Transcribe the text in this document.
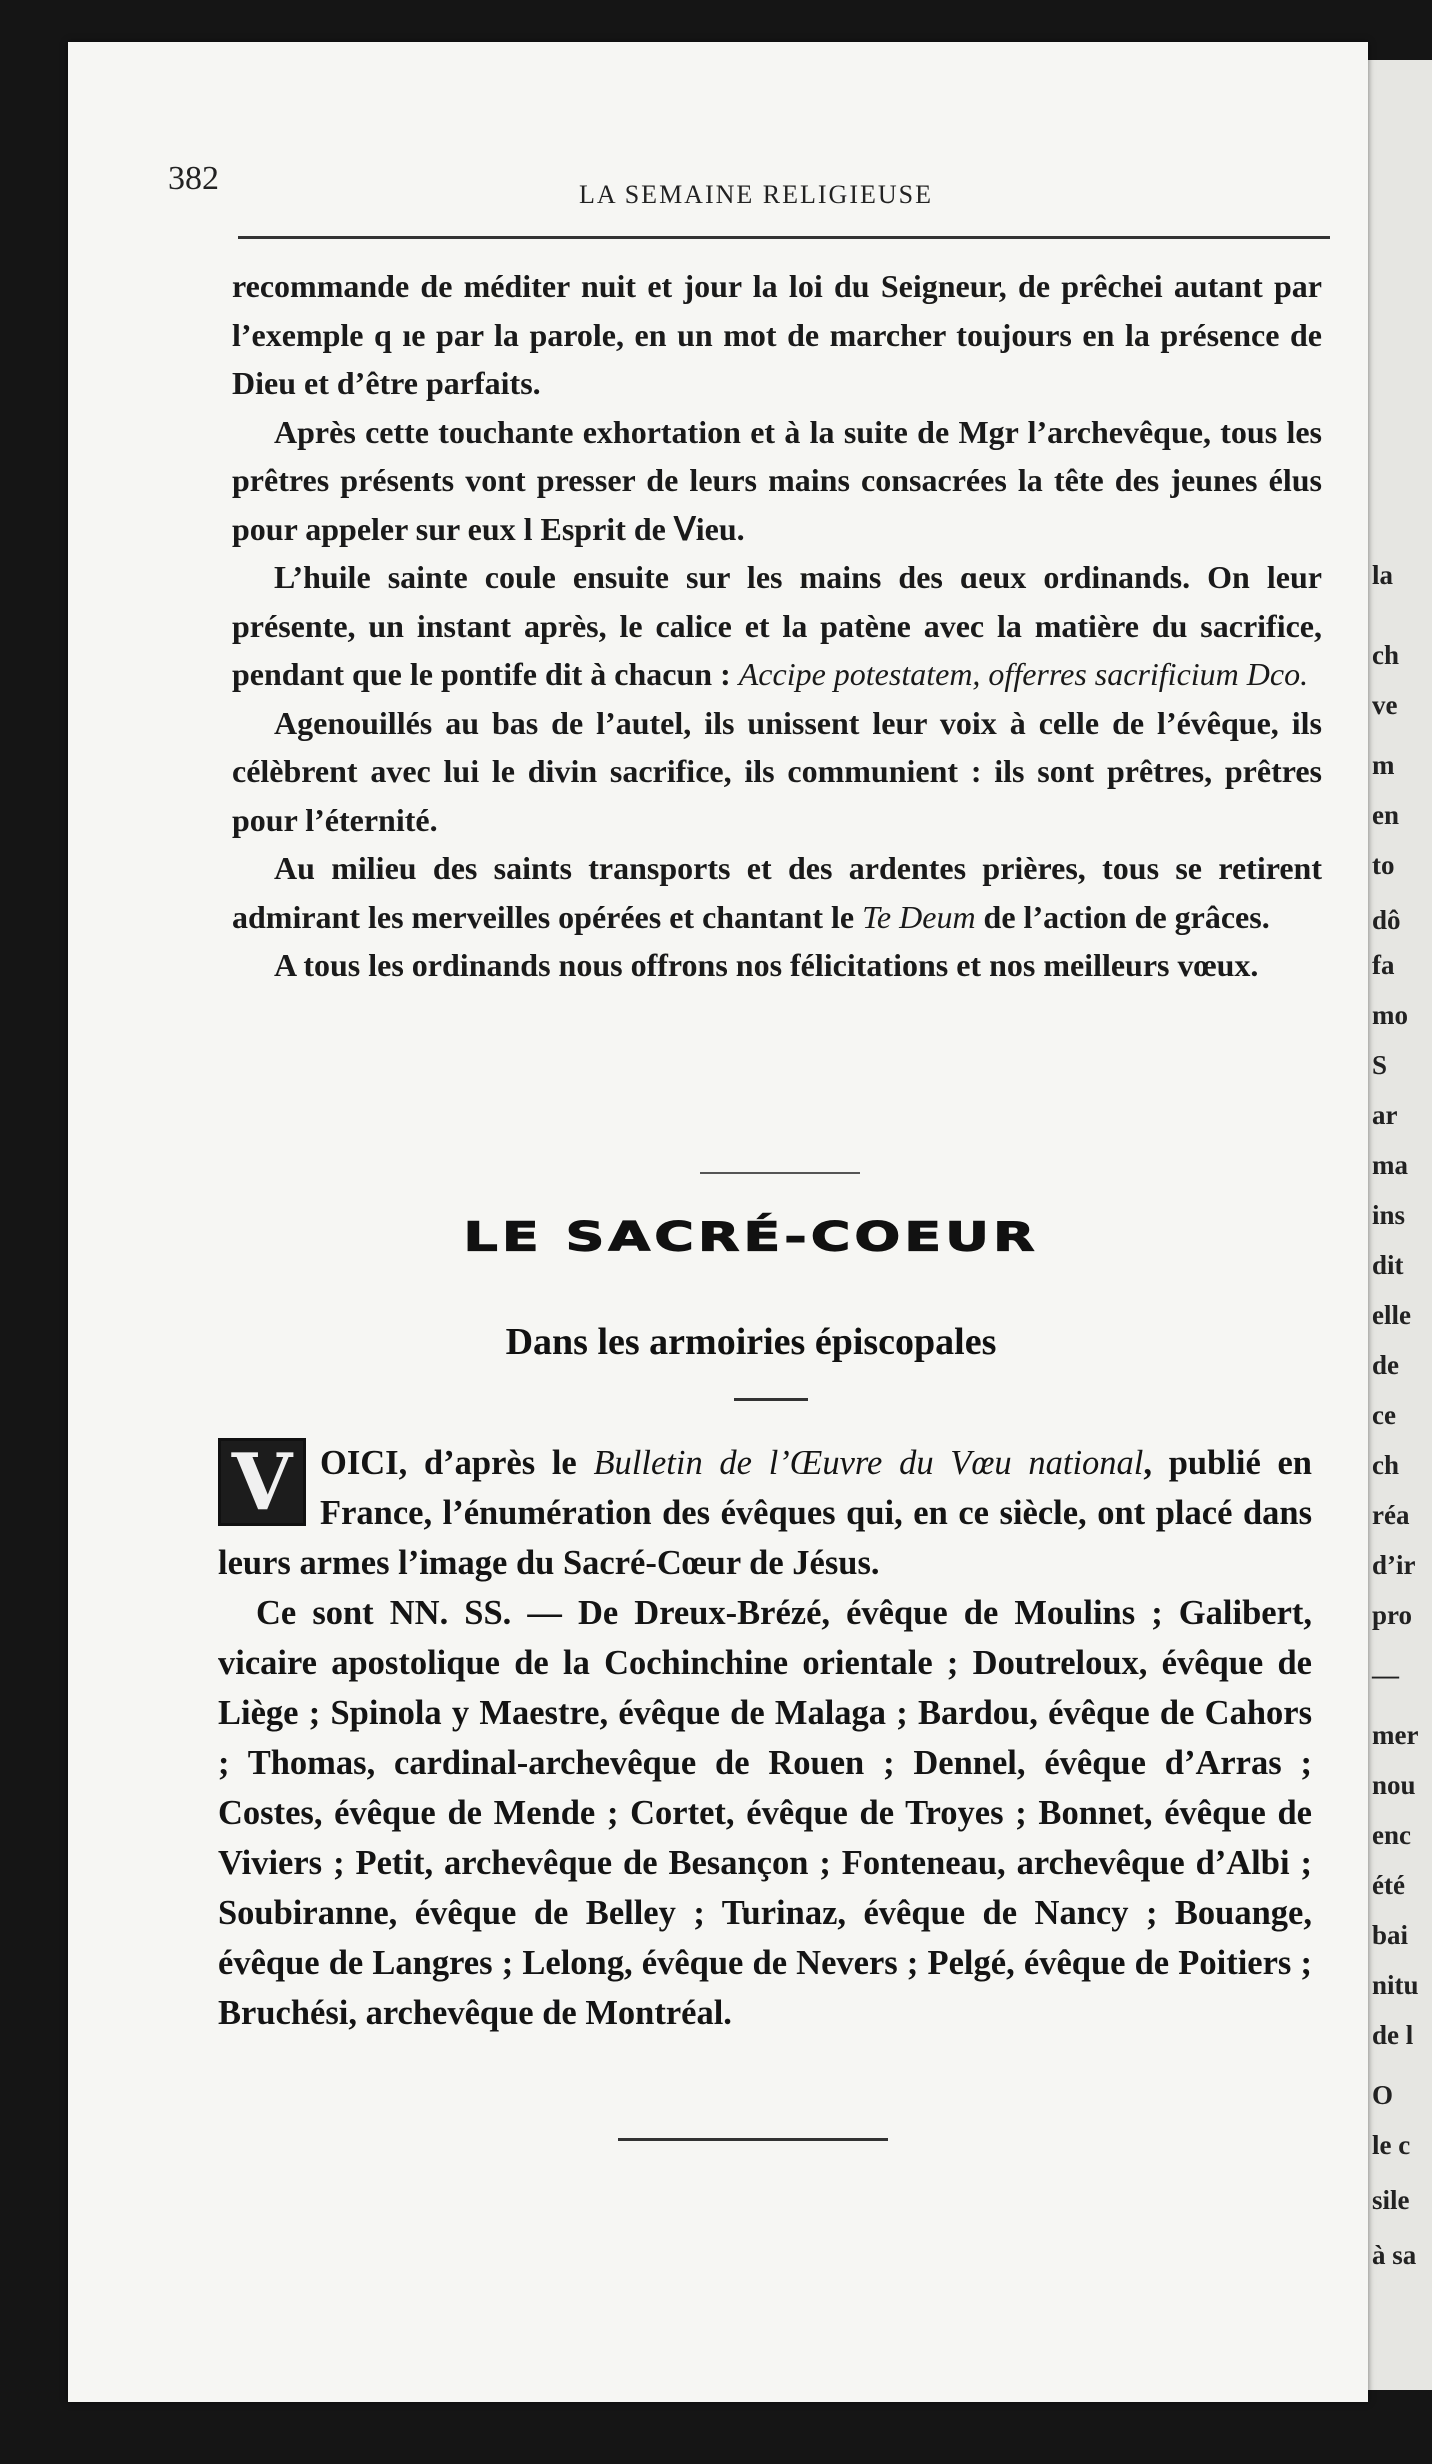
la
ch
ve
m
en
to
dô
fa
mo
S
ar
ma
ins
dit
elle
de
ce
ch
réa
d’ir
pro
—
mer
nou
enc
été
bai
nitu
de l
O
le c
sile
à sa
382	LA SEMAINE RELIGIEUSE

recommande de méditer nuit et jour la loi du Seigneur, de prêchei autant par l’exemple q ıe par la parole, en un mot de marcher toujours en la présence de Dieu et d’être parfaits.

Après cette touchante exhortation et à la suite de Mgr l’archevêque, tous les prêtres présents vont presser de leurs mains consacrées la tête des jeunes élus pour appeler sur eux l Esprit de ᐯieu.

L’huile sainte coule ensuite sur les mains des ɑeux ordinands. On leur présente, un instant après, le calice et la patène avec la matière du sacrifice, pendant que le pontife dit à chacun : Accipe potestatem, offerres sacrificium Dco.

Agenouillés au bas de l’autel, ils unissent leur voix à celle de l’évêque, ils célèbrent avec lui le divin sacrifice, ils communient : ils sont prêtres, prêtres pour l’éternité.

Au milieu des saints transports et des ardentes prières, tous se retirent admirant les merveilles opérées et chantant le Te Deum de l’action de grâces.

A tous les ordinands nous offrons nos félicitations et nos meilleurs vœux.

LE SACRÉ-COEUR
Dans les armoiries épiscopales

V OICI, d’après le Bulletin de l’Œuvre du Vœu national, publié en France, l’énumération des évêques qui, en ce siècle, ont placé dans leurs armes l’image du Sacré-Cœur de Jésus.

Ce sont NN. SS. — De Dreux-Brézé, évêque de Moulins ; Galibert, vicaire apostolique de la Cochinchine orientale ; Doutreloux, évêque de Liège ; Spinola y Maestre, évêque de Malaga ; Bardou, évêque de Cahors ; Thomas, cardinal-archevêque de Rouen ; Dennel, évêque d’Arras ; Costes, évêque de Mende ; Cortet, évêque de Troyes ; Bonnet, évêque de Viviers ; Petit, archevêque de Besançon ; Fonteneau, archevêque d’Albi ; Soubiranne, évêque de Belley ; Turinaz, évêque de Nancy ; Bouange, évêque de Langres ; Lelong, évêque de Nevers ; Pelgé, évêque de Poitiers ; Bruchési, archevêque de Montréal.
